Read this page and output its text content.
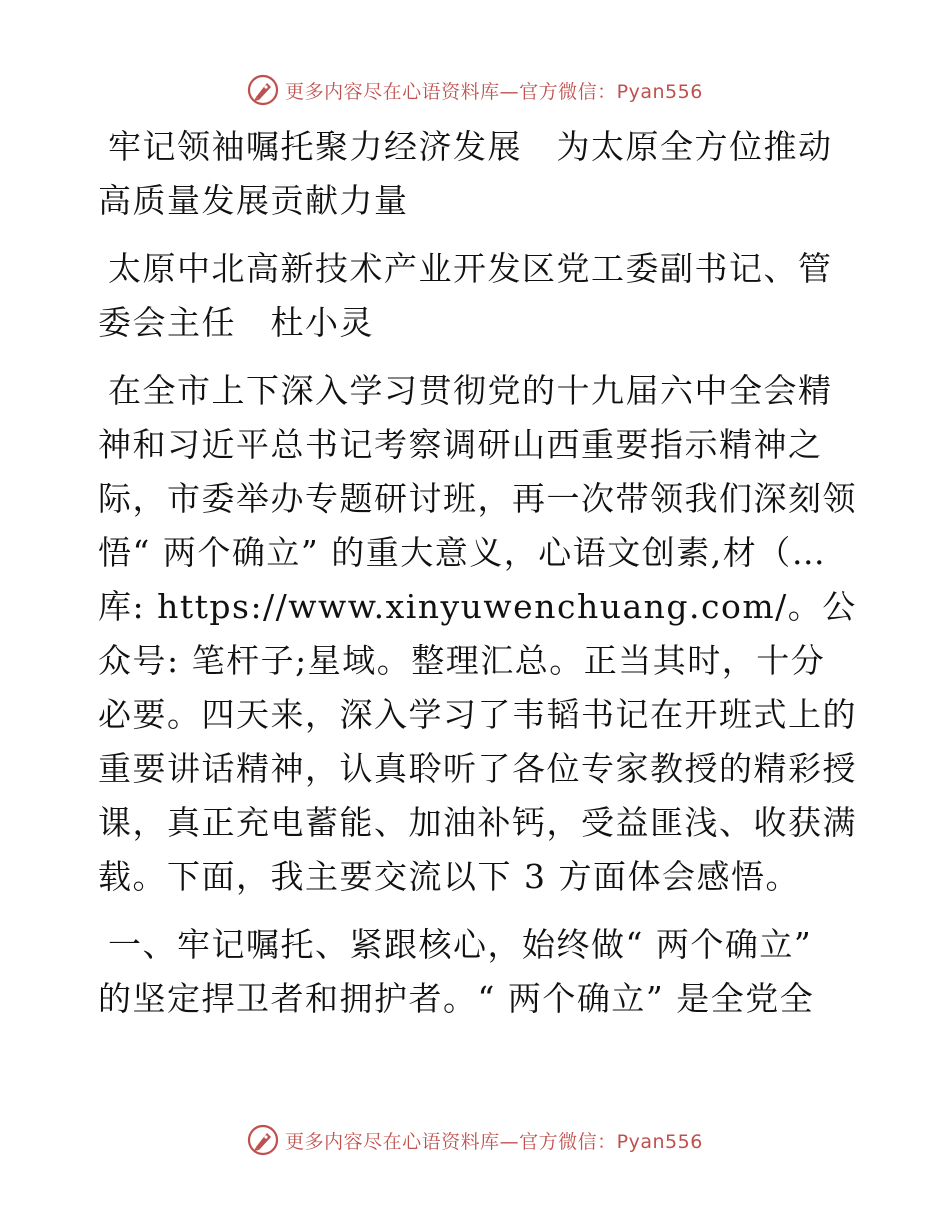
更多内容尽在心语资料库—官方微信：Pyan556

牢记领袖嘱托聚力经济发展　为太原全方位推动高质量发展贡献力量

太原中北高新技术产业开发区党工委副书记、管委会主任　杜小灵

在全市上下深入学习贯彻党的十九届六中全会精神和习近平总书记考察调研山西重要指示精神之际，市委举办专题研讨班，再一次带领我们深刻领悟“ 两个确立” 的重大意义，心语文创素,材（…库: https://www.xinyuwenchuang.com/。公众号: 笔杆子;星域。整理汇总。正当其时，十分必要。四天来，深入学习了韦韬书记在开班式上的重要讲话精神，认真聆听了各位专家教授的精彩授课，真正充电蓄能、加油补钙，受益匪浅、收获满载。下面，我主要交流以下 3 方面体会感悟。

一、牢记嘱托、紧跟核心，始终做“ 两个确立” 的坚定捍卫者和拥护者。“ 两个确立” 是全党全

更多内容尽在心语资料库—官方微信：Pyan556
